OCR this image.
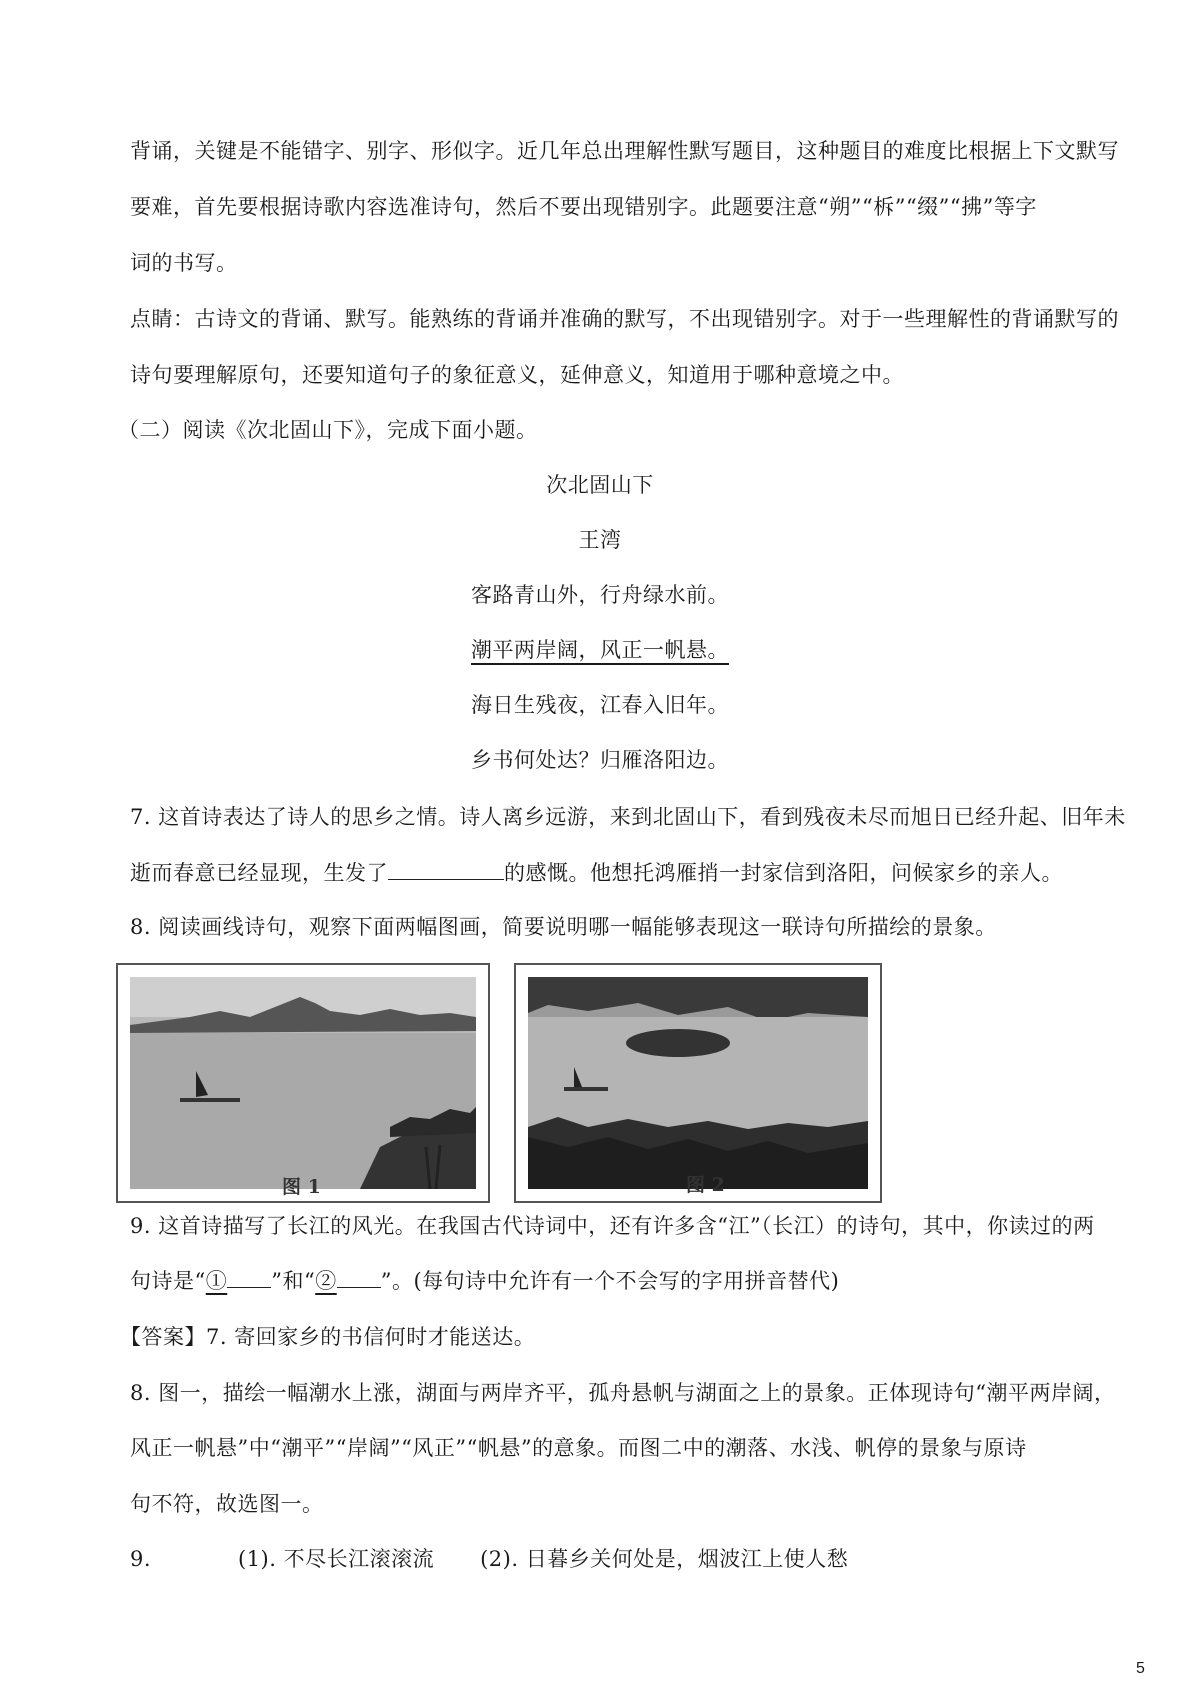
背诵，关键是不能错字、别字、形似字。近几年总出理解性默写题目，这种题目的难度比根据上下文默写
要难，首先要根据诗歌内容选准诗句，然后不要出现错别字。此题要注意“朔”“柝”“缀”“拂”等字
词的书写。
点睛：古诗文的背诵、默写。能熟练的背诵并准确的默写，不出现错别字。对于一些理解性的背诵默写的
诗句要理解原句，还要知道句子的象征意义，延伸意义，知道用于哪种意境之中。
（二）阅读《次北固山下》，完成下面小题。
次北固山下
王湾
客路青山外，行舟绿水前。
潮平两岸阔，风正一帆悬。
海日生残夜，江春入旧年。
乡书何处达？归雁洛阳边。
7. 这首诗表达了诗人的思乡之情。诗人离乡远游，来到北固山下，看到残夜未尽而旭日已经升起、旧年未
逝而春意已经显现，生发了	的感慨。他想托鸿雁捎一封家信到洛阳，问候家乡的亲人。
8. 阅读画线诗句，观察下面两幅图画，简要说明哪一幅能够表现这一联诗句所描绘的景象。
图 1	图 2
9. 这首诗描写了长江的风光。在我国古代诗词中，还有许多含“江”（长江）的诗句，其中，你读过的两
句诗是“① ”和“② ”。(每句诗中允许有一个不会写的字用拼音替代)
【答案】7. 寄回家乡的书信何时才能送达。
8. 图一，描绘一幅潮水上涨，湖面与两岸齐平，孤舟悬帆与湖面之上的景象。正体现诗句“潮平两岸阔，
风正一帆悬”中“潮平”“岸阔”“风正”“帆悬”的意象。而图二中的潮落、水浅、帆停的景象与原诗
句不符，故选图一。
9.	(1). 不尽长江滚滚流 (2). 日暮乡关何处是，烟波江上使人愁
5
